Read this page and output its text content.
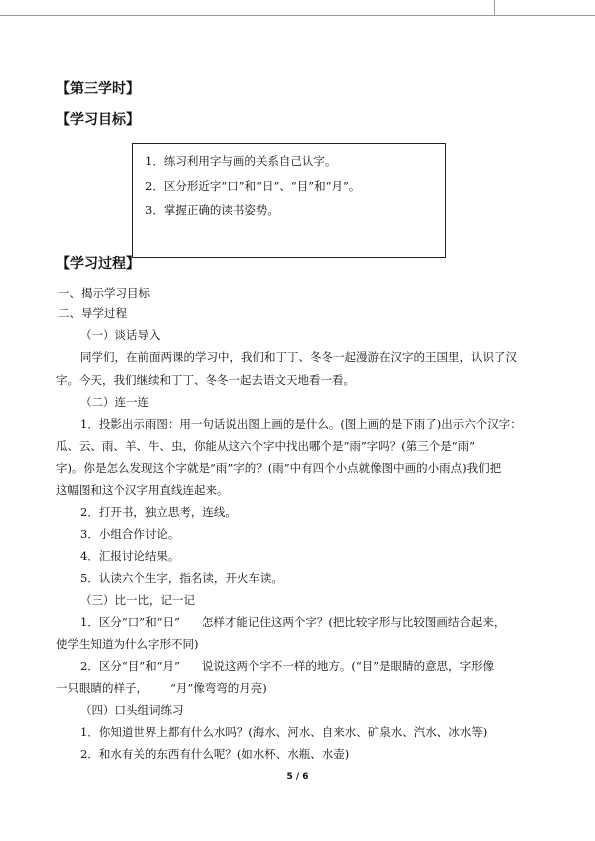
【第三学时】
【学习目标】
1．练习利用字与画的关系自己认字。
2．区分形近字“口”和“日”、“目”和“月”。
3．掌握正确的读书姿势。
【学习过程】
一、揭示学习目标
二、导学过程
（一）谈话导入
同学们，在前面两课的学习中，我们和丁丁、冬冬一起漫游在汉字的王国里，认识了汉
字。今天，我们继续和丁丁、冬冬一起去语文天地看一看。
（二）连一连
1．投影出示雨图：用一句话说出图上画的是什么。(图上画的是下雨了)出示六个汉字：
瓜、云、雨、羊、牛、虫，你能从这六个字中找出哪个是“雨”字吗？(第三个是“雨”
字)。你是怎么发现这个字就是“雨”字的？(雨”中有四个小点就像图中画的小雨点)我们把
这幅图和这个汉字用直线连起来。
2．打开书，独立思考，连线。
3．小组合作讨论。
4．汇报讨论结果。
5．认读六个生字，指名读，开火车读。
（三）比一比，记一记
1．区分“口”和“日” 怎样才能记住这两个字？(把比较字形与比较图画结合起来，
使学生知道为什么字形不同)
2．区分“目”和“月” 说说这两个字不一样的地方。(“目”是眼睛的意思，字形像
一只眼睛的样子， “月”像弯弯的月亮)
（四）口头组词练习
1．你知道世界上都有什么水吗？(海水、河水、自来水、矿泉水、汽水、冰水等)
2．和水有关的东西有什么呢？(如水杯、水瓶、水壶)
5 / 6
